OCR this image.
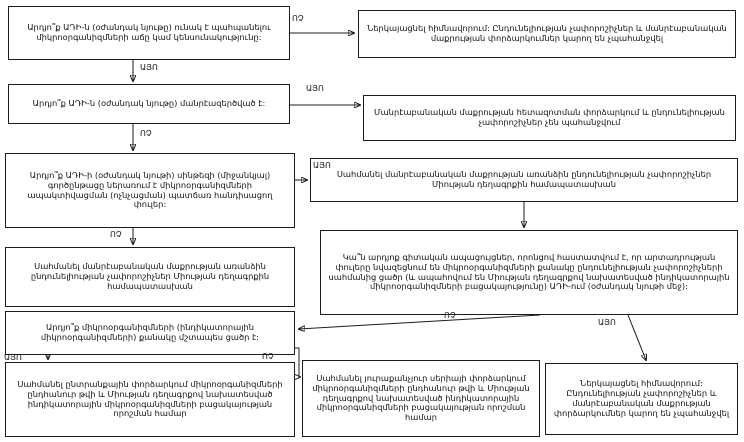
Արդյո՞ք ԱԴԻ-ն (օժանդակ նյութը) ունակ է պահպանելու միկրոօրգանիզմների աճը կամ կենսունակությունը:
Ներկայացնել հիմնավորում: Ընդունելիության չափորոշիչներ և մանրէաբանական մաքրության փորձարկումներ կարող են չպահանջվել
Արդյո՞ք ԱԴԻ-ն (օժանդակ նյութը) մանրէազերծված է:
Մանրէաբանական մաքրության հետազոտման փորձարկում և ընդունելիության չափորոշիչներ չեն պահանջվում
Արդյո՞ք ԱԴԻ-ի (օժանդակ նյութի) սինթեզի (միջանկյալ) գործընթացը ներառում է միկրոօրգանիզմների ապակտիվացման (ոչնչացման) պատճառ հանդիսացող փուլեր:
Սահմանել մանրէաբանական մաքրության առանձին ընդունելիության չափորոշիչներ Միության դեղագրքին համապատասխան
Սահմանել մանրէաբանական մաքրության առանձին ընդունելիության չափորոշիչներ Միության դեղագրքին համապատասխան
Կա՞ն արդյոք գիտական ապացույցներ, որոնցով հաստատվում է, որ արտադրության փուլերը նվազեցնում են միկրոօրգանիզմների քանակը ընդունելիության չափորոշիչների սահմանից ցածր (և ապահովում են Միության դեղագրքով նախատեսված ինդիկատորային միկրոօրգանիզմների բացակայությունը) ԱԴԻ-ում (օժանդակ նյութի մեջ):
Արդյո՞ք միկրոօրգանիզմների (ինդիկատորային միկրոօրգանիզմների) քանակը մշտապես ցածր է:
Սահմանել ընտրանքային փորձարկում միկրոօրգանիզմների ընդհանուր թվի և Միության դեղագրքով նախատեսված ինդիկատորային միկրոօրգանիզմների բացակայության որոշման համար
Սահմանել յուրաքանչյուր սերիայի փորձարկում միկրոօրգանիզմների ընդհանուր թվի և Միության դեղագրքով նախատեսված ինդիկատորային միկրոօրգանիզմների բացակայության որոշման համար
Ներկայացնել հիմնավորում: Ընդունելիության չափորոշիչներ և մանրէաբանական մաքրության փորձարկումներ կարող են չպահանջվել
ՈՉ
ԱՅՈ
ԱՅՈ
ՈՉ
ԱՅՈ
ՈՉ
ՈՉ
ԱՅՈ
ԱՅՈ	ՈՉ
